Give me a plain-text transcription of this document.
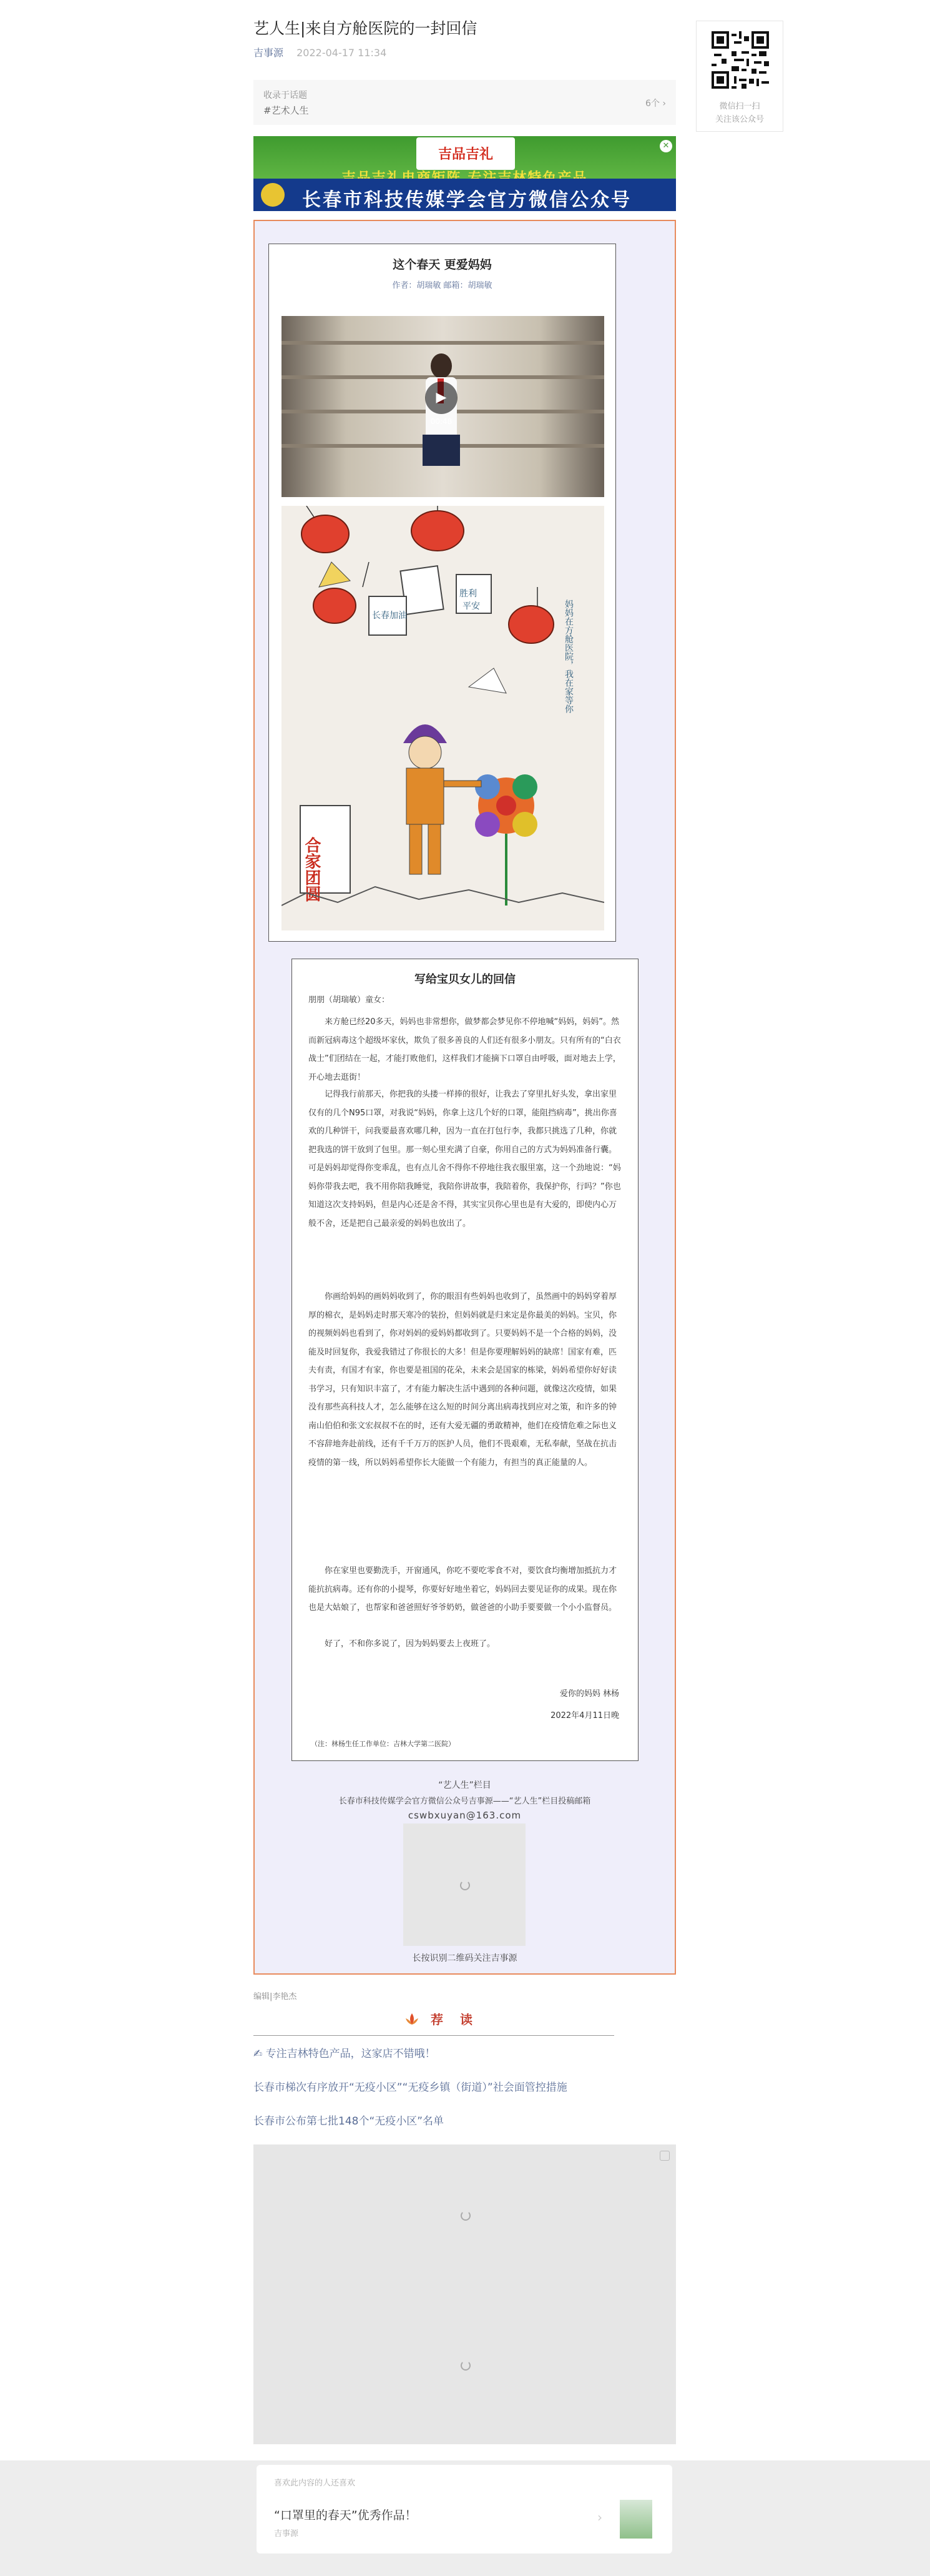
艺人生|来自方舱医院的一封回信
吉事源 2022-04-17 11:34
微信扫一扫
关注该公众号
收录于话题
#艺术人生
6个 ›
吉品吉礼
✕
长春市科技传媒学会官方微信公众号
这个春天 更爱妈妈
作者：胡瑞敏 邮箱：胡瑞敏
▶
00:48
胜利
平安
长春加油	妈妈在方舱医院，我在家等你
合家团圆
写给宝贝女儿的回信
朋朋（胡瑞敏）童女：

来方舱已经20多天，妈妈也非常想你，做梦都会梦见你不停地喊“妈妈，妈妈”。然而新冠病毒这个超级坏家伙，欺负了很多善良的人们还有很多小朋友。只有所有的“白衣战士”们团结在一起，才能打败他们，这样我们才能摘下口罩自由呼吸，面对地去上学，开心地去逛街！

记得我行前那天，你把我的头搂一样捧的很好，让我去了穿里扎好头发，拿出家里仅有的几个N95口罩，对我说“妈妈，你拿上这几个好的口罩，能阻挡病毒”，挑出你喜欢的几种饼干，问我要最喜欢哪几种，因为一直在打包行李，我都只挑选了几种，你就把我选的饼干放到了包里。那一刻心里充满了自豪，你用自己的方式为妈妈准备行囊。可是妈妈却觉得你变乖乱，也有点儿舍不得你不停地往我衣服里塞，这一个劲地说：“妈妈你带我去吧，我不用你陪我睡觉，我陪你讲故事，我陪着你，我保护你，行吗？”你也知道这次支持妈妈，但是内心还是舍不得，其实宝贝你心里也是有大爱的，即使内心万般不舍，还是把自己最亲爱的妈妈也放出了。

你画给妈妈的画妈妈收到了，你的眼泪有些妈妈也收到了，虽然画中的妈妈穿着厚厚的棉衣，是妈妈走时那天寒冷的装扮，但妈妈就是归来定是你最美的妈妈。宝贝，你的视频妈妈也看到了，你对妈妈的爱妈妈都收到了。只要妈妈不是一个合格的妈妈，没能及时回复你，我爱我错过了你很长的大多！但是你要理解妈妈的缺席！国家有难，匹夫有责，有国才有家，你也要是祖国的花朵，未来会是国家的栋梁，妈妈希望你好好读书学习，只有知识丰富了，才有能力解决生活中遇到的各种问题，就像这次疫情，如果没有那些高科技人才，怎么能够在这么短的时间分离出病毒找到应对之策，和许多的钟南山伯伯和张文宏叔叔不在的时，还有大爱无疆的勇敢精神，他们在疫情危难之际也义不容辞地奔赴前线，还有千千万万的医护人员，他们不畏艰难，无私奉献，坚战在抗击疫情的第一线，所以妈妈希望你长大能做一个有能力，有担当的真正能量的人。

你在家里也要勤洗手，开窗通风，你吃不要吃零食不对，要饮食均衡增加抵抗力才能抗抗病毒。还有你的小提琴，你要好好地坐着它，妈妈回去要见证你的成果。现在你也是大姑娘了，也帮家和爸爸照好爷爷奶奶，做爸爸的小助手要要做一个小小监督员。

好了，不和你多说了，因为妈妈要去上夜班了。

爱你的妈妈 林杨
2022年4月11日晚
（注：林杨生任工作单位：吉林大学第二医院）
“艺人生”栏目
长春市科技传媒学会官方微信公众号吉事源——“艺人生”栏目投稿邮箱
cswbxuyan@163.com
长按识别二维码关注吉事源
编辑|李艳杰
荐 读
✍ 专注吉林特色产品，这家店不错哦！
长春市梯次有序放开“无疫小区”“无疫乡镇（街道）”社会面管控措施
长春市公布第七批148个“无疫小区”名单
喜欢此内容的人还喜欢
“口罩里的春天”优秀作品！
吉事源
›
